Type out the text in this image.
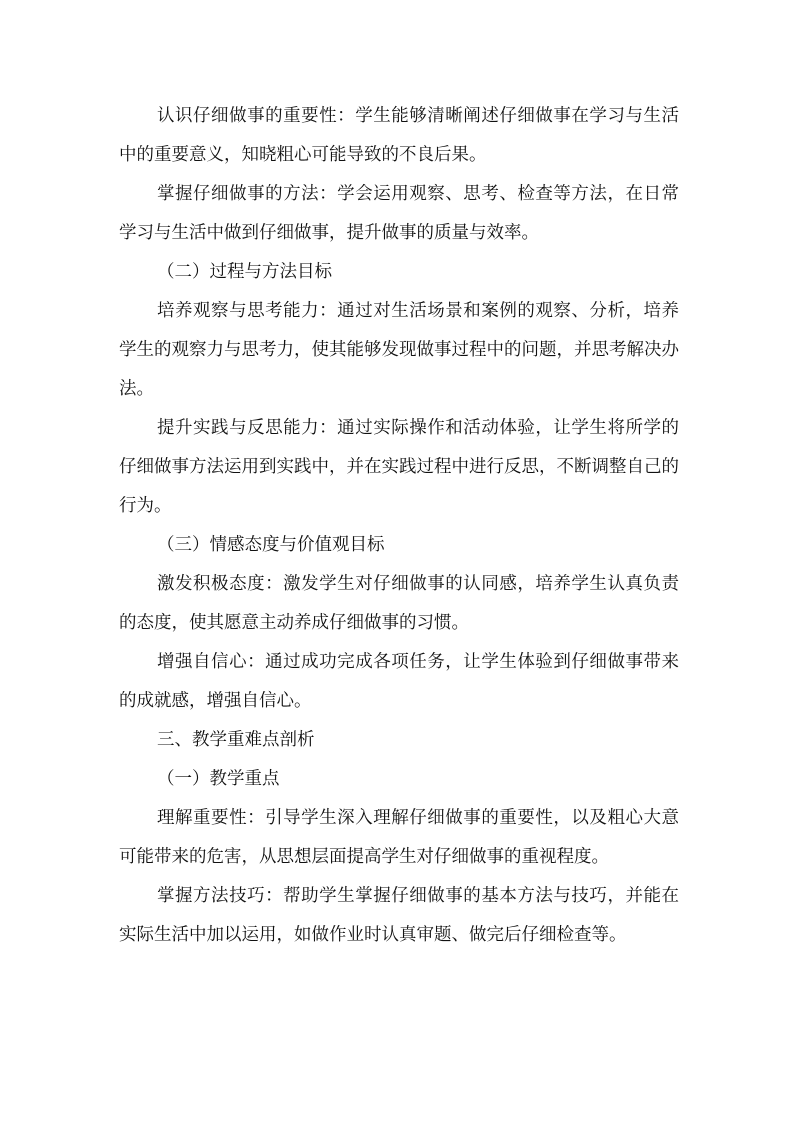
认识仔细做事的重要性：学生能够清晰阐述仔细做事在学习与生活中的重要意义，知晓粗心可能导致的不良后果。

掌握仔细做事的方法：学会运用观察、思考、检查等方法，在日常学习与生活中做到仔细做事，提升做事的质量与效率。

（二）过程与方法目标

培养观察与思考能力：通过对生活场景和案例的观察、分析，培养学生的观察力与思考力，使其能够发现做事过程中的问题，并思考解决办法。

提升实践与反思能力：通过实际操作和活动体验，让学生将所学的仔细做事方法运用到实践中，并在实践过程中进行反思，不断调整自己的行为。

（三）情感态度与价值观目标

激发积极态度：激发学生对仔细做事的认同感，培养学生认真负责的态度，使其愿意主动养成仔细做事的习惯。

增强自信心：通过成功完成各项任务，让学生体验到仔细做事带来的成就感，增强自信心。

三、教学重难点剖析

（一）教学重点

理解重要性：引导学生深入理解仔细做事的重要性，以及粗心大意可能带来的危害，从思想层面提高学生对仔细做事的重视程度。

掌握方法技巧：帮助学生掌握仔细做事的基本方法与技巧，并能在实际生活中加以运用，如做作业时认真审题、做完后仔细检查等。
